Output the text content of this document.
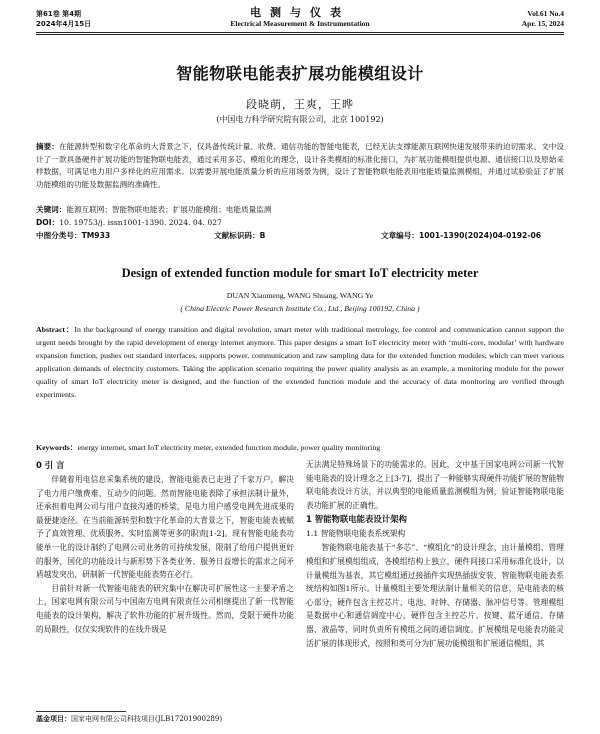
第61卷 第4期
2024年4月15日
电测与仪表
Electrical Measurement & Instrumentation
Vol.61 No.4
Apr. 15, 2024
智能物联电能表扩展功能模组设计
段晓萌，王爽，王晔
(中国电力科学研究院有限公司，北京 100192)
摘要：在能源转型和数字化革命的大背景之下，仅具备传统计量、收费、通信功能的智能电能表，已经无法支撑能源互联网快速发展带来的迫切需求。文中设计了一款具备硬件扩展功能的智能物联电能表，通过采用多芯、模组化的理念，设计各类模组的标准化接口，为扩展功能模组提供电源、通信接口以及原始采样数据，可满足电力用户多样化的应用需求。以需要开展电能质量分析的应用场景为例，设计了智能物联电能表用电能质量监测模组，并通过试验验证了扩展功能模组的功能及数据监测的准确性。
关键词：能源互联网；智能物联电能表；扩展功能模组；电能质量监测
DOI：10. 19753/j. issn1001-1390. 2024. 04. 027
中图分类号：TM933	文献标识码：B	文章编号：1001-1390(2024)04-0192-06
Design of extended function module for smart IoT electricity meter
DUAN Xiaomeng, WANG Shuang, WANG Ye
( China Electric Power Research Institute Co., Ltd., Beijing 100192, China )
Abstract：In the background of energy transition and digital revolution, smart meter with traditional metrology, fee control and communication cannot support the urgent needs brought by the rapid development of energy internet anymore. This paper designs a smart IoT electricity meter with ‘multi-core, modular’ with hardware expansion function, pushes out standard interfaces, supports power, communication and raw sampling data for the extended function modules, which can meet various application demands of electricity customers. Taking the application scenario requiring the power quality analysis as an example, a monitoring module for the power quality of smart IoT electricity meter is designed, and the function of the extended function module and the accuracy of data monitoring are verified through experiments.
Keywords：energy internet, smart IoT electricity meter, extended function module, power quality monitoring
0 引 言

伴随着用电信息采集系统的建设，智能电能表已走进了千家万户，解决了电力用户缴费难、互动少的问题。然而智能电能表除了承担法制计量外，还承担着电网公司与用户直接沟通的桥梁，是电力用户感受电网先进成果的最便捷途径。在当前能源转型和数字化革命的大背景之下，智能电能表被赋予了真效管理、优质服务、实时监测等更多的职责[1-2]。现有智能电能表功能单一化的设计制约了电网公司业务的可持续发展，限制了给用户提供更好的服务，国化的功能设计与新形势下各类业务、服务日益增长的需求之间矛盾越发突出，研制新一代智能电能表势在必行。

目前针对新一代智能电能表的研究集中在解决可扩展性这一主要矛盾之上，国家电网有限公司与中国南方电网有限责任公司相继提出了新一代智能电能表的设计架构，解决了软件功能的扩展升级性。然而，受限于硬件功能的局限性，仅仅实现软件的在线升级是

无法满足特殊场景下的功能需求的。因此，文中基于国家电网公司新一代智能电能表的设计理念之上[3-7]，提出了一种能够实现硬件功能扩展的智能物联电能表设计方法，并以典型的电能质量监测模组为例，验证智能物联电能表功能扩展的正确性。

1 智能物联电能表设计架构
1.1 智能物联电能表系统架构

智能物联电能表基于“多芯”、“模组化”的设计理念，由计量模组、管理模组和扩展模组组成，各模组结构上独立，硬件间接口采用标准化设计，以计量模组为基表，其它模组通过接插件实现热插拔安装，智能物联电能表系统结构如图1所示。计量模组主要处理法制计量相关的信息，是电能表的核心部分，硬件包含主控芯片、电池、时钟、存储器、脉冲信号等。管理模组是数据中心和通信调度中心，硬件包含主控芯片、按键、蓝牙通信、存储器、液晶等，同时负责所有模组之间的通信调度。扩展模组是电能表功能灵活扩展的体现形式，按照和类可分为扩展功能模组和扩展通信模组，其

基金项目：国家电网有限公司科技项目(JLB17201900289)
